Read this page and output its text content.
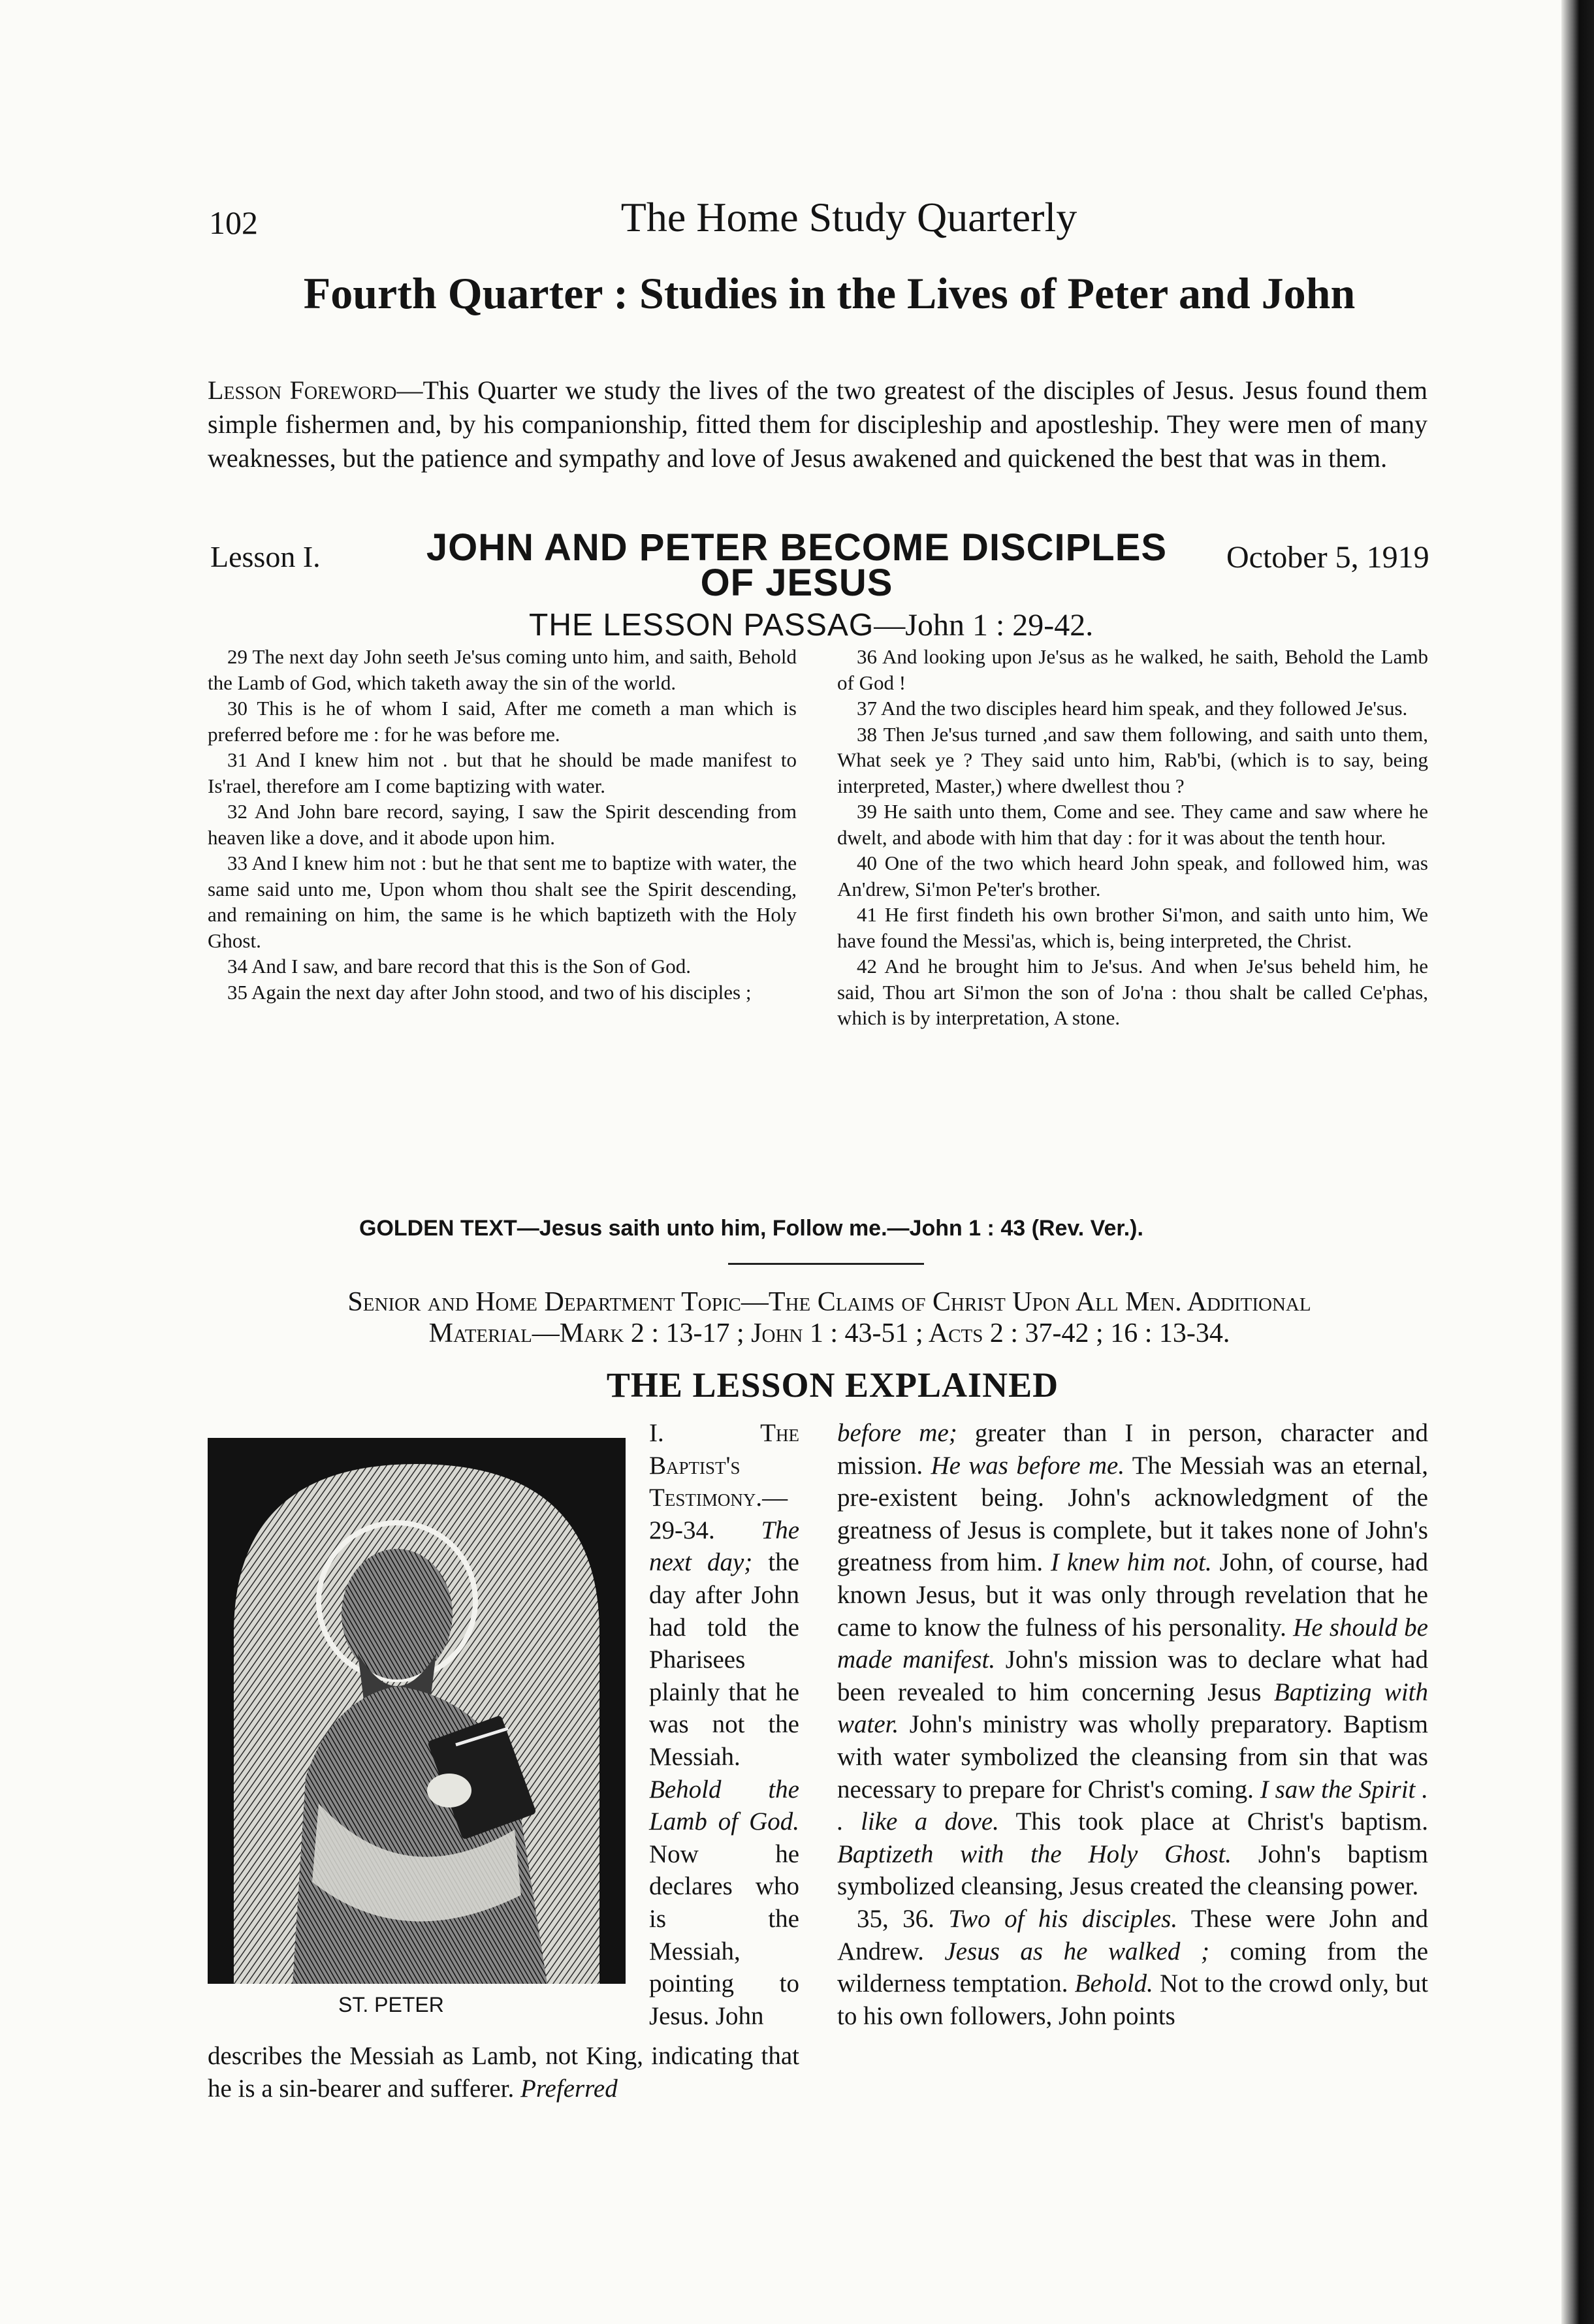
102	The Home Study Quarterly
Fourth Quarter : Studies in the Lives of Peter and John

Lesson Foreword—This Quarter we study the lives of the two greatest of the disciples of Jesus. Jesus found them simple fishermen and, by his companionship, fitted them for discipleship and apostleship. They were men of many weaknesses, but the patience and sympathy and love of Jesus awakened and quickened the best that was in them.

Lesson I.	JOHN AND PETER BECOME DISCIPLES
OF JESUS
October 5, 1919
THE LESSON PASSAG—John 1 : 29-42.

29 The next day John seeth Je'sus coming unto him, and saith, Behold the Lamb of God, which taketh away the sin of the world.

30 This is he of whom I said, After me cometh a man which is preferred before me : for he was before me.

31 And I knew him not . but that he should be made manifest to Is'rael, therefore am I come baptizing with water.

32 And John bare record, saying, I saw the Spirit descending from heaven like a dove, and it abode upon him.

33 And I knew him not : but he that sent me to baptize with water, the same said unto me, Upon whom thou shalt see the Spirit descending, and remaining on him, the same is he which baptizeth with the Holy Ghost.

34 And I saw, and bare record that this is the Son of God.

35 Again the next day after John stood, and two of his disciples ;

36 And looking upon Je'sus as he walked, he saith, Behold the Lamb of God !

37 And the two disciples heard him speak, and they followed Je'sus.

38 Then Je'sus turned ,and saw them following, and saith unto them, What seek ye ? They said unto him, Rab'bi, (which is to say, being interpreted, Master,) where dwellest thou ?

39 He saith unto them, Come and see. They came and saw where he dwelt, and abode with him that day : for it was about the tenth hour.

40 One of the two which heard John speak, and followed him, was An'drew, Si'mon Pe'ter's brother.

41 He first findeth his own brother Si'mon, and saith unto him, We have found the Messi'as, which is, being interpreted, the Christ.

42 And he brought him to Je'sus. And when Je'sus beheld him, he said, Thou art Si'mon the son of Jo'na : thou shalt be called Ce'phas, which is by interpretation, A stone.

GOLDEN TEXT—Jesus saith unto him, Follow me.—John 1 : 43 (Rev. Ver.).

Senior and Home Department Topic—The Claims of Christ Upon All Men. Additional
Material—Mark 2 : 13-17 ; John 1 : 43-51 ; Acts 2 : 37-42 ; 16 : 13-34.

THE LESSON EXPLAINED
ST. PETER

I. The Baptist's Testimony.—29-34. The next day; the day after John had told the Pharisees plainly that he was not the Messiah. Behold the Lamb of God. Now he declares who is the Messiah, pointing to Jesus. John

describes the Messiah as Lamb, not King, indicating that he is a sin-bearer and sufferer. Preferred

before me; greater than I in person, character and mission. He was before me. The Messiah was an eternal, pre-existent being. John's acknowledgment of the greatness of Jesus is complete, but it takes none of John's greatness from him. I knew him not. John, of course, had known Jesus, but it was only through revelation that he came to know the fulness of his personality. He should be made manifest. John's mission was to declare what had been revealed to him concerning Jesus Baptizing with water. John's ministry was wholly preparatory. Baptism with water symbolized the cleansing from sin that was necessary to prepare for Christ's coming. I saw the Spirit . . like a dove. This took place at Christ's baptism. Baptizeth with the Holy Ghost. John's baptism symbolized cleansing, Jesus created the cleansing power.

35, 36. Two of his disciples. These were John and Andrew. Jesus as he walked ; coming from the wilderness temptation. Behold. Not to the crowd only, but to his own followers, John points
